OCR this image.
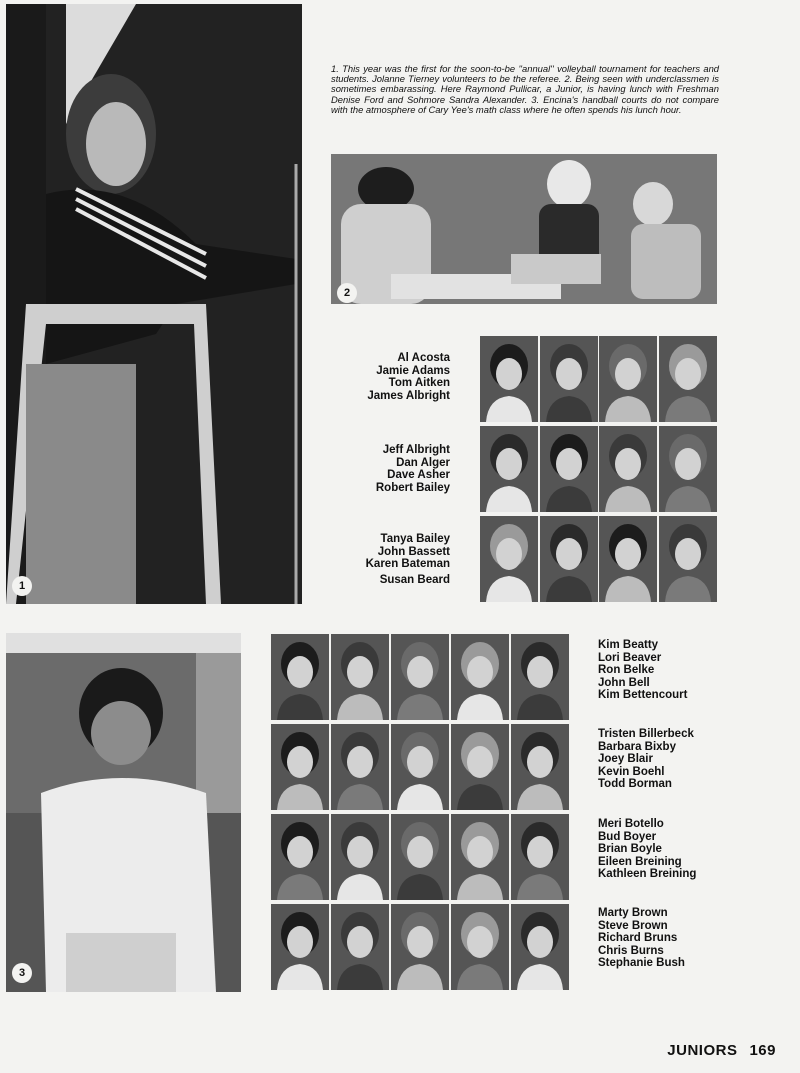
1
1. This year was the first for the soon-to-be ''annual'' volleyball tournament for teachers and students. Jolanne Tierney volunteers to be the referee. 2. Being seen with underclassmen is sometimes embarassing. Here Raymond Pullicar, a Junior, is having lunch with Freshman Denise Ford and Sohmore Sandra Alexander. 3. Encina's handball courts do not compare with the atmosphere of Cary Yee's math class where he often spends his lunch hour.
2
3
Al Acosta
Jamie Adams
Tom Aitken
James Albright
Jeff Albright
Dan Alger
Dave Asher
Robert Bailey
Tanya Bailey
John Bassett
Karen Bateman
Susan Beard
Kim Beatty
Lori Beaver
Ron Belke
John Bell
Kim Bettencourt
Tristen Billerbeck
Barbara Bixby
Joey Blair
Kevin Boehl
Todd Borman
Meri Botello
Bud Boyer
Brian Boyle
Eileen Breining
Kathleen Breining
Marty Brown
Steve Brown
Richard Bruns
Chris Burns
Stephanie Bush
JUNIORS 169
